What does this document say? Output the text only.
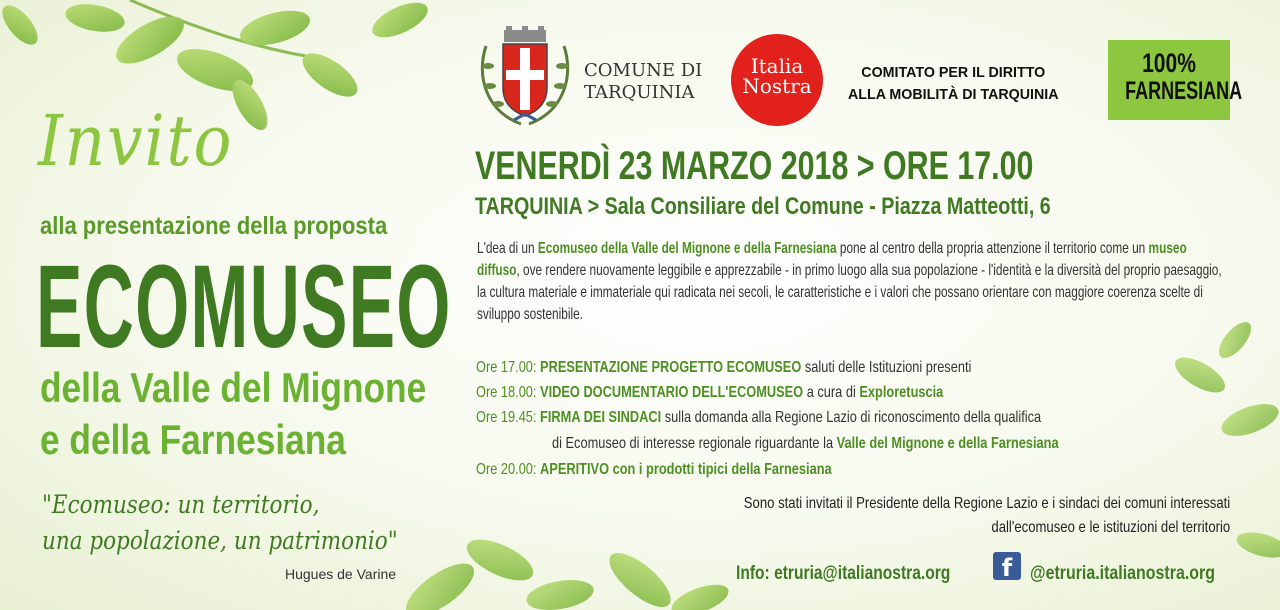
Invito
alla presentazione della proposta
ECOMUSEO
della Valle del Mignone
e della Farnesiana
"Ecomuseo: un territorio,
una popolazione, un patrimonio"
Hugues de Varine
COMUNE DI
TARQUINIA
Italia
Nostra
COMITATO PER IL DIRITTO
ALLA MOBILITÀ DI TARQUINIA
100%
FARNESIANA
VENERDÌ 23 MARZO 2018 > ORE 17.00
TARQUINIA > Sala Consiliare del Comune - Piazza Matteotti, 6

L'dea di un Ecomuseo della Valle del Mignone e della Farnesiana pone al centro della propria attenzione il territorio come un museo diffuso, ove rendere nuovamente leggibile e apprezzabile - in primo luogo alla sua popolazione - l'identità e la diversità del proprio paesaggio, la cultura materiale e immateriale qui radicata nei secoli, le caratteristiche e i valori che possano orientare con maggiore coerenza scelte di sviluppo sostenibile.

Ore 17.00: PRESENTAZIONE PROGETTO ECOMUSEO saluti delle Istituzioni presenti
Ore 18.00: VIDEO DOCUMENTARIO DELL'ECOMUSEO a cura di Exploretuscia
Ore 19.45: FIRMA DEI SINDACI sulla domanda alla Regione Lazio di riconoscimento della qualifica
di Ecomuseo di interesse regionale riguardante la Valle del Mignone e della Farnesiana
Ore 20.00: APERITIVO con i prodotti tipici della Farnesiana
Sono stati invitati il Presidente della Regione Lazio e i sindaci dei comuni interessati
dall'ecomuseo e le istituzioni del territorio
Info: etruria@italianostra.org	f @etruria.italianostra.org
